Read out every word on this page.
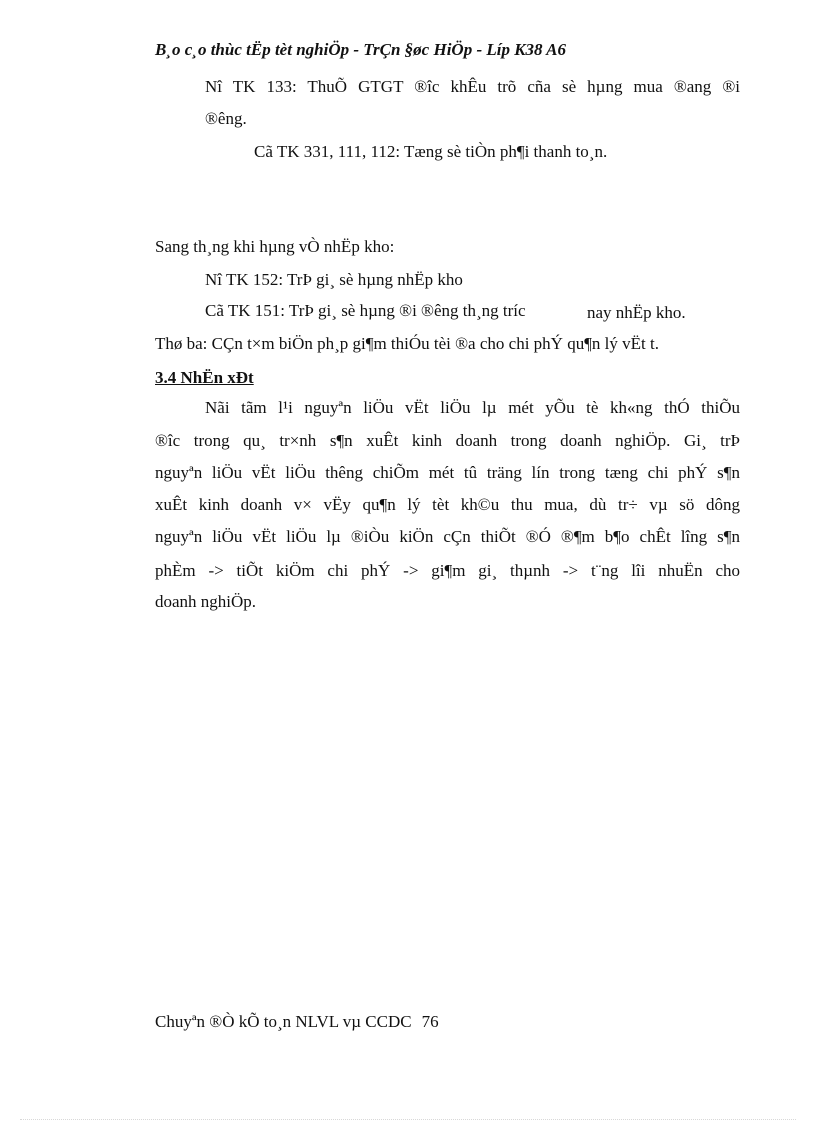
B¸o c¸o thùc tËp tèt nghiÖp - TrÇn §øc HiÖp - Líp K38 A6
Nî TK 133: ThuÕ GTGT ®îc khÊu trõ cña sè hµng mua ®ang ®i
®êng.
Cã TK 331, 111, 112: Tæng sè tiÒn ph¶i thanh to¸n.
Sang th¸ng khi hµng vÒ nhËp kho:
Nî TK 152: TrÞ gi¸ sè hµng nhËp kho
Cã TK 151: TrÞ gi¸ sè hµng ®i ®êng th¸ng tríc	nay nhËp kho.
Thø ba: CÇn t×m biÖn ph¸p gi¶m thiÓu tèi ®a cho chi phÝ qu¶n lý vËt t.
3.4 NhËn xÐt
Nãi tãm l¹i nguyªn liÖu vËt liÖu lµ mét yÕu tè kh«ng thÓ thiÕu
®îc trong qu¸ tr×nh s¶n xuÊt kinh doanh trong doanh nghiÖp. Gi¸ trÞ
nguyªn liÖu vËt liÖu thêng chiÕm mét tû träng lín trong tæng chi phÝ s¶n
xuÊt kinh doanh v× vËy qu¶n lý tèt kh©u thu mua, dù tr÷ vµ sö dông
nguyªn liÖu vËt liÖu lµ ®iÒu kiÖn cÇn thiÕt ®Ó ®¶m b¶o chÊt lîng s¶n
phÈm -> tiÕt kiÖm chi phÝ -> gi¶m gi¸ thµnh -> t¨ng lîi nhuËn cho
doanh nghiÖp.
Chuyªn ®Ò kÕ to¸n NLVL vµ CCDC 76
